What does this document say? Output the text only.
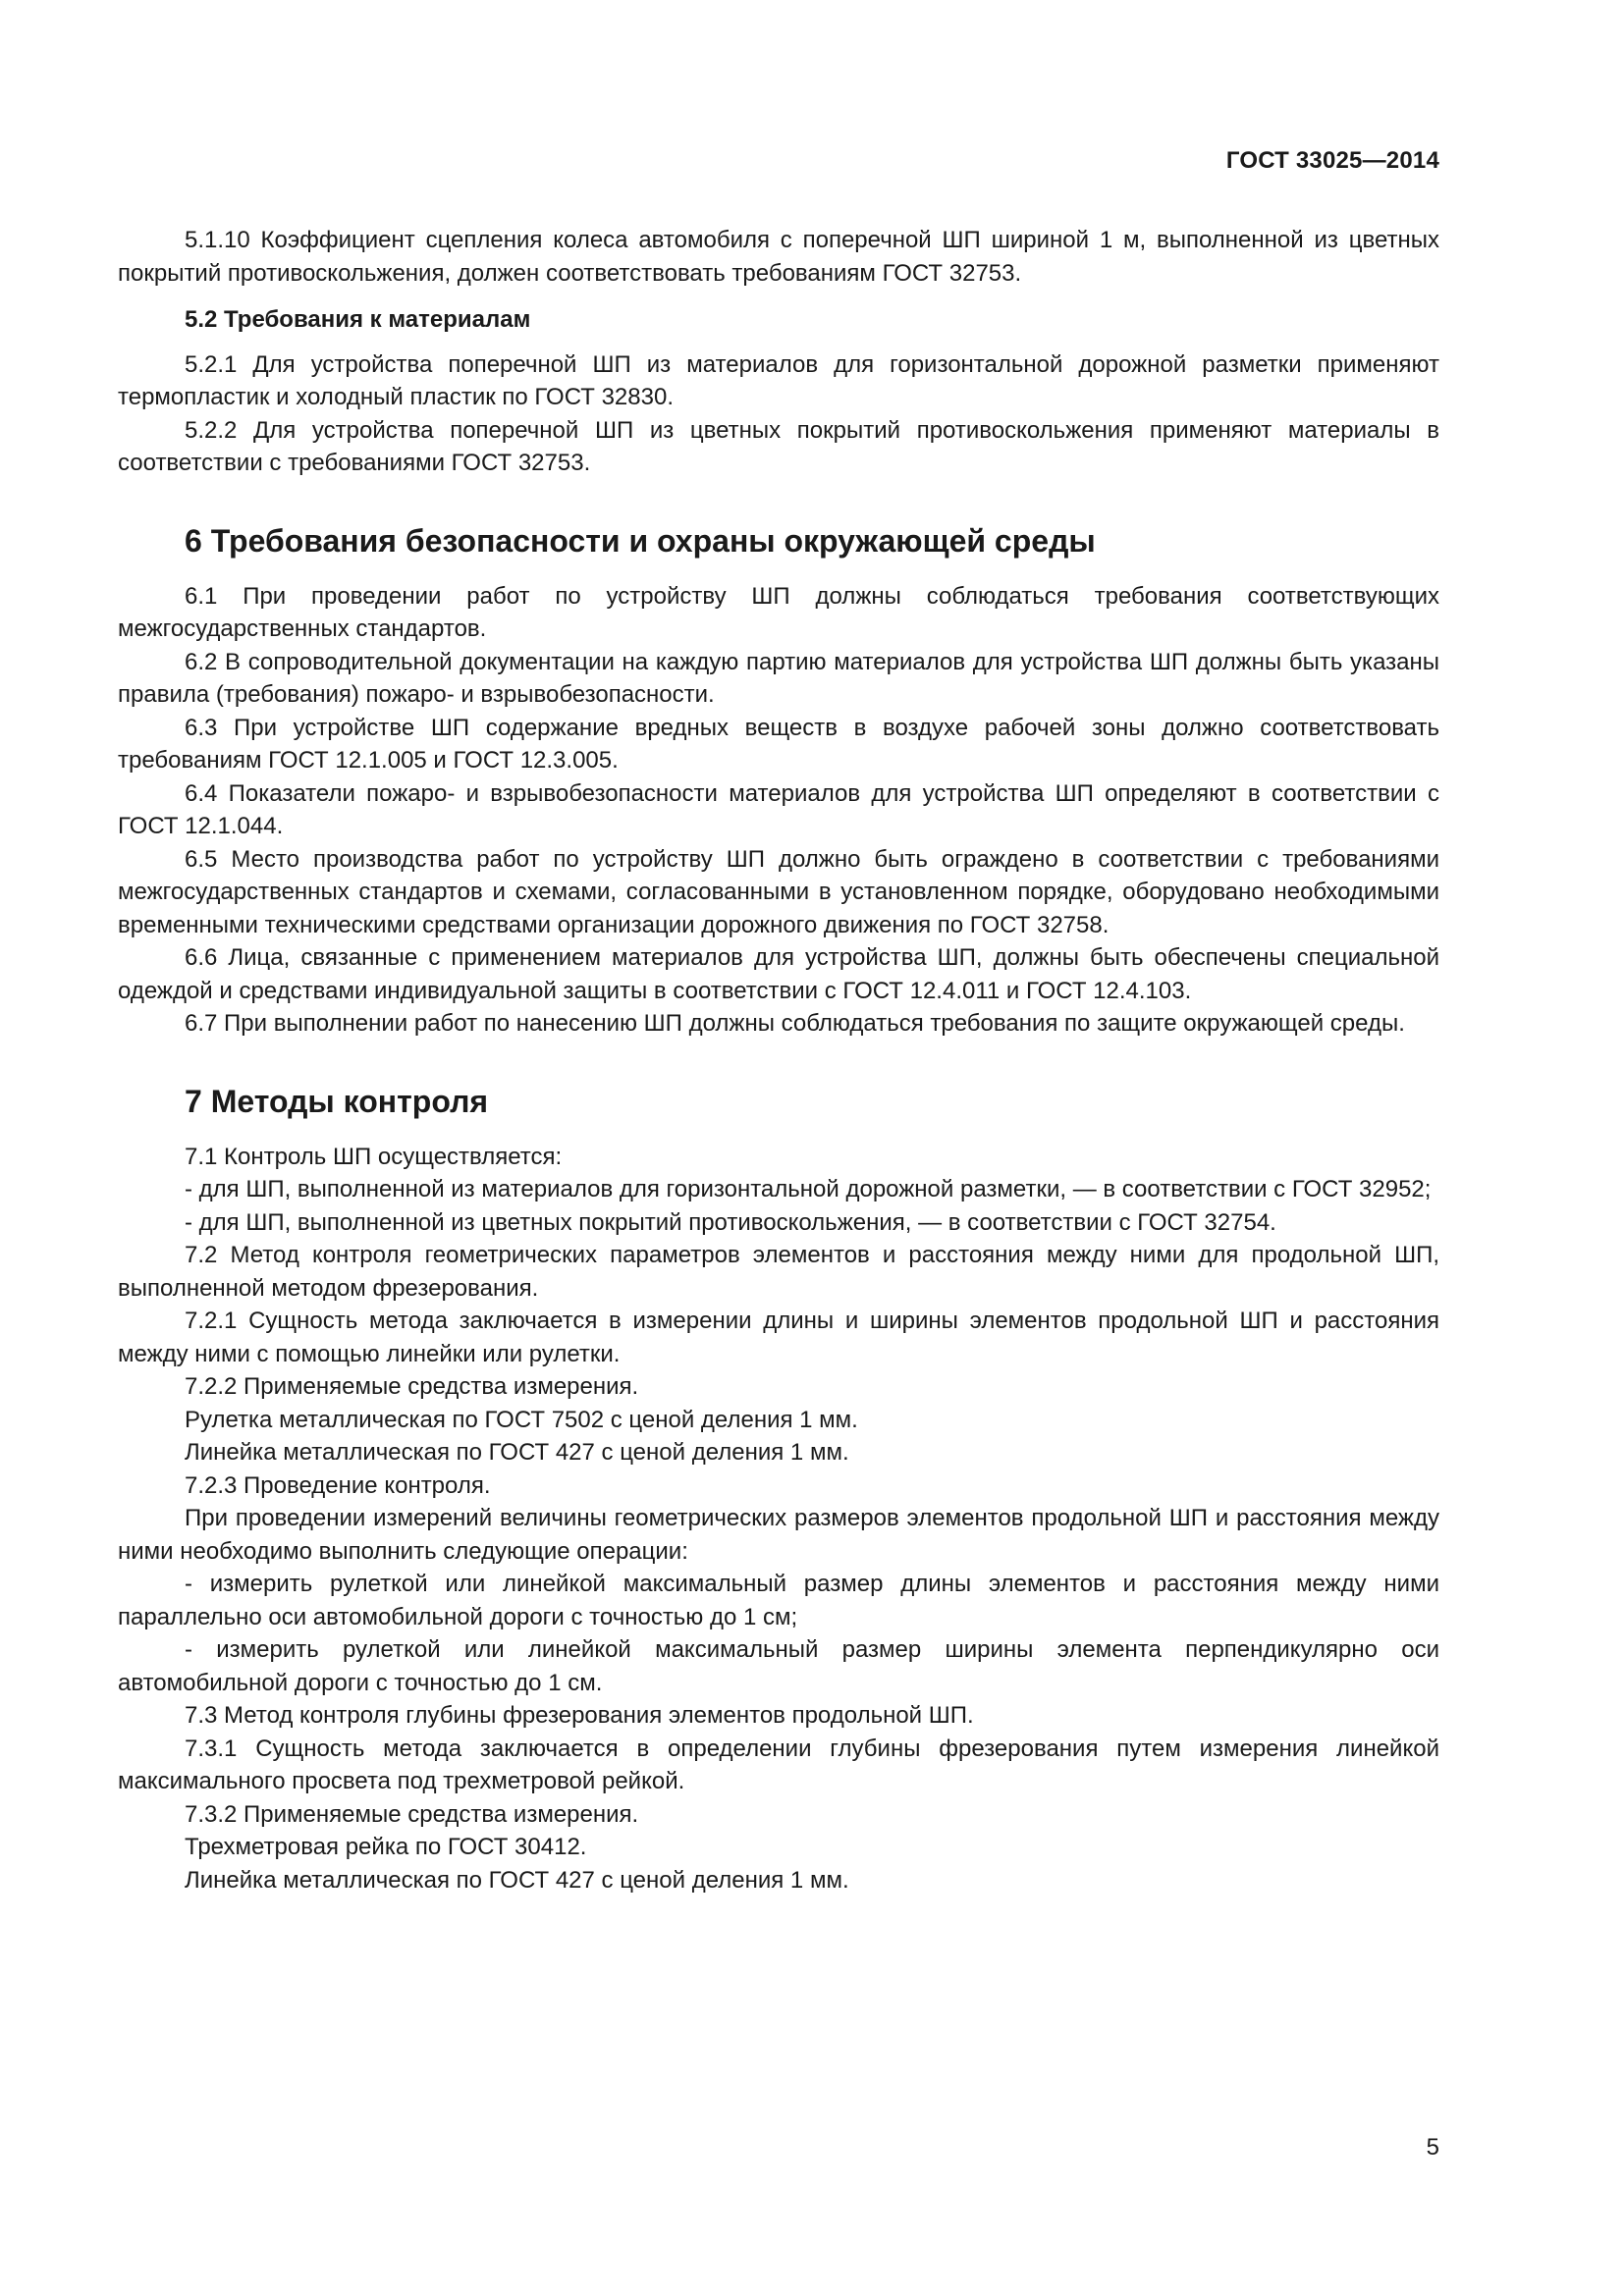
ГОСТ 33025—2014

5.1.10 Коэффициент сцепления колеса автомобиля с поперечной ШП шириной 1 м, выполненной из цветных покрытий противоскольжения, должен соответствовать требованиям ГОСТ 32753.

5.2 Требования к материалам

5.2.1 Для устройства поперечной ШП из материалов для горизонтальной дорожной разметки применяют термопластик и холодный пластик по ГОСТ 32830.

5.2.2 Для устройства поперечной ШП из цветных покрытий противоскольжения применяют материалы в соответствии с требованиями ГОСТ 32753.

6 Требования безопасности и охраны окружающей среды

6.1 При проведении работ по устройству ШП должны соблюдаться требования соответствующих межгосударственных стандартов.

6.2 В сопроводительной документации на каждую партию материалов для устройства ШП должны быть указаны правила (требования) пожаро- и взрывобезопасности.

6.3 При устройстве ШП содержание вредных веществ в воздухе рабочей зоны должно соответствовать требованиям ГОСТ 12.1.005 и ГОСТ 12.3.005.

6.4 Показатели пожаро- и взрывобезопасности материалов для устройства ШП определяют в соответствии с ГОСТ 12.1.044.

6.5 Место производства работ по устройству ШП должно быть ограждено в соответствии с требованиями межгосударственных стандартов и схемами, согласованными в установленном порядке, оборудовано необходимыми временными техническими средствами организации дорожного движения по ГОСТ 32758.

6.6 Лица, связанные с применением материалов для устройства ШП, должны быть обеспечены специальной одеждой и средствами индивидуальной защиты в соответствии с ГОСТ 12.4.011 и ГОСТ 12.4.103.

6.7 При выполнении работ по нанесению ШП должны соблюдаться требования по защите окружающей среды.

7 Методы контроля

7.1 Контроль ШП осуществляется:

- для ШП, выполненной из материалов для горизонтальной дорожной разметки, — в соответствии с ГОСТ 32952;

- для ШП, выполненной из цветных покрытий противоскольжения, — в соответствии с ГОСТ 32754.

7.2 Метод контроля геометрических параметров элементов и расстояния между ними для продольной ШП, выполненной методом фрезерования.

7.2.1 Сущность метода заключается в измерении длины и ширины элементов продольной ШП и расстояния между ними с помощью линейки или рулетки.

7.2.2 Применяемые средства измерения.

Рулетка металлическая по ГОСТ 7502 с ценой деления 1 мм.

Линейка металлическая по ГОСТ 427 с ценой деления 1 мм.

7.2.3 Проведение контроля.

При проведении измерений величины геометрических размеров элементов продольной ШП и расстояния между ними необходимо выполнить следующие операции:

- измерить рулеткой или линейкой максимальный размер длины элементов и расстояния между ними параллельно оси автомобильной дороги с точностью до 1 см;

- измерить рулеткой или линейкой максимальный размер ширины элемента перпендикулярно оси автомобильной дороги с точностью до 1 см.

7.3 Метод контроля глубины фрезерования элементов продольной ШП.

7.3.1 Сущность метода заключается в определении глубины фрезерования путем измерения линейкой максимального просвета под трехметровой рейкой.

7.3.2 Применяемые средства измерения.

Трехметровая рейка по ГОСТ 30412.

Линейка металлическая по ГОСТ 427 с ценой деления 1 мм.

5
